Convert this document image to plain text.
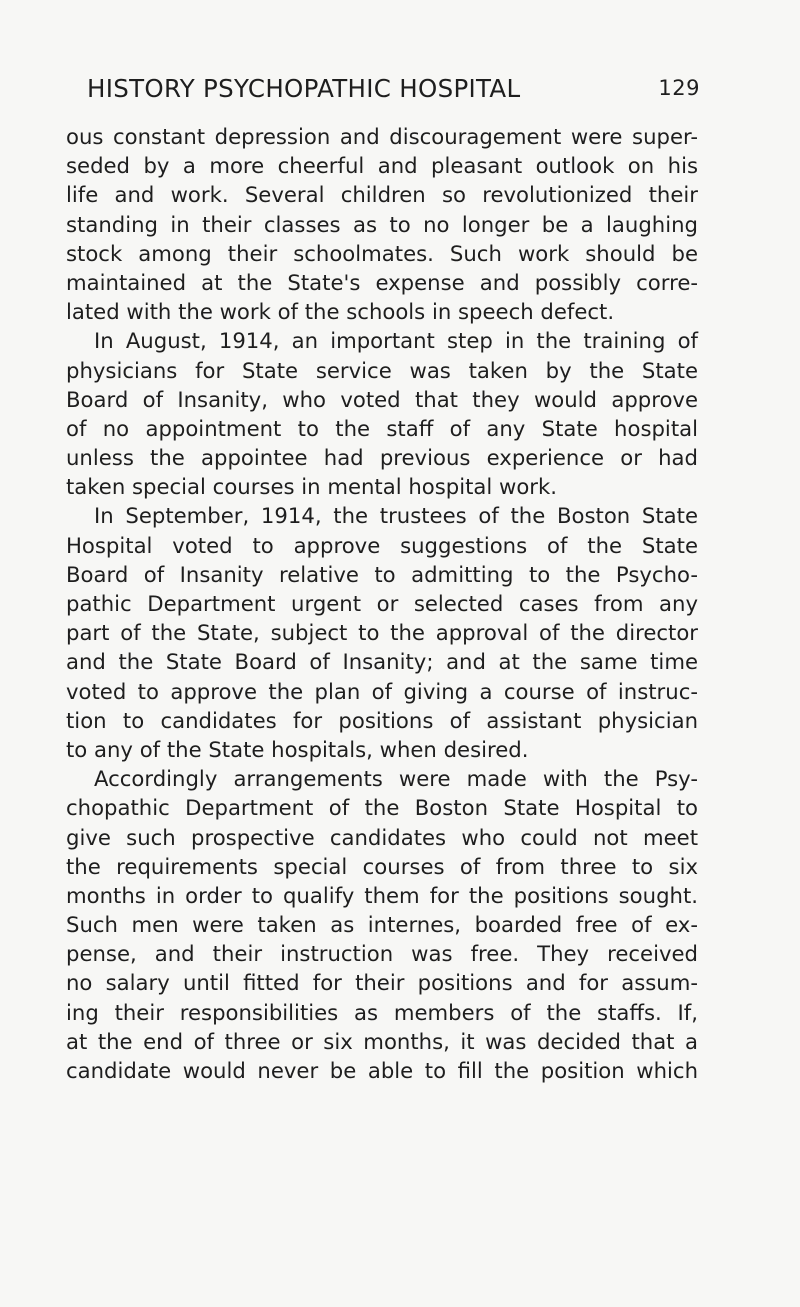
HISTORY PSYCHOPATHIC HOSPITAL	129
ous constant depression and discouragement were super-
seded by a more cheerful and pleasant outlook on his
life and work. Several children so revolutionized their
standing in their classes as to no longer be a laughing
stock among their schoolmates. Such work should be
maintained at the State's expense and possibly corre-
lated with the work of the schools in speech defect.
In August, 1914, an important step in the training of
physicians for State service was taken by the State
Board of Insanity, who voted that they would approve
of no appointment to the staff of any State hospital
unless the appointee had previous experience or had
taken special courses in mental hospital work.
In September, 1914, the trustees of the Boston State
Hospital voted to approve suggestions of the State
Board of Insanity relative to admitting to the Psycho-
pathic Department urgent or selected cases from any
part of the State, subject to the approval of the director
and the State Board of Insanity; and at the same time
voted to approve the plan of giving a course of instruc-
tion to candidates for positions of assistant physician
to any of the State hospitals, when desired.
Accordingly arrangements were made with the Psy-
chopathic Department of the Boston State Hospital to
give such prospective candidates who could not meet
the requirements special courses of from three to six
months in order to qualify them for the positions sought.
Such men were taken as internes, boarded free of ex-
pense, and their instruction was free. They received
no salary until fitted for their positions and for assum-
ing their responsibilities as members of the staffs. If,
at the end of three or six months, it was decided that a
candidate would never be able to fill the position which
